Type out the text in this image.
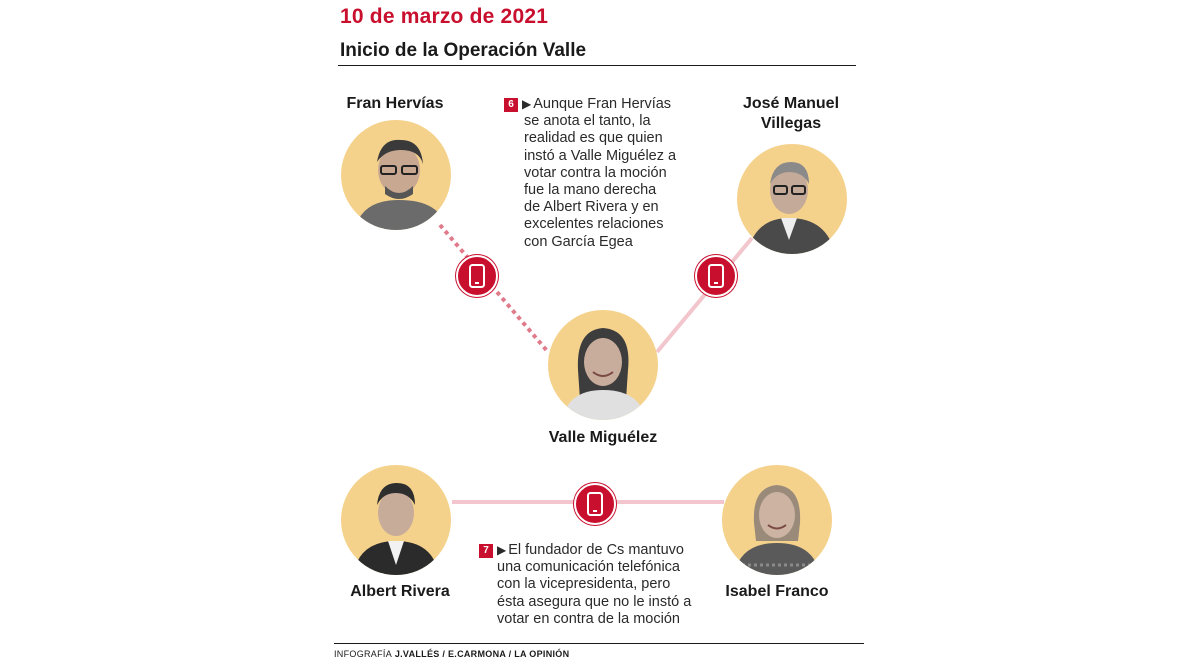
10 de marzo de 2021
Inicio de la Operación Valle
Fran Hervías	José Manuel
Villegas
6 ▶ Aunque Fran Hervías
se anota el tanto, la
realidad es que quien
instó a Valle Miguélez a
votar contra la moción
fue la mano derecha
de Albert Rivera y en
excelentes relaciones
con García Egea
Valle Miguélez
Albert Rivera	Isabel Franco
7 ▶ El fundador de Cs mantuvo
una comunicación telefónica
con la vicepresidenta, pero
ésta asegura que no le instó a
votar en contra de la moción
INFOGRAFÍA J.VALLÉS / E.CARMONA / LA OPINIÓN
